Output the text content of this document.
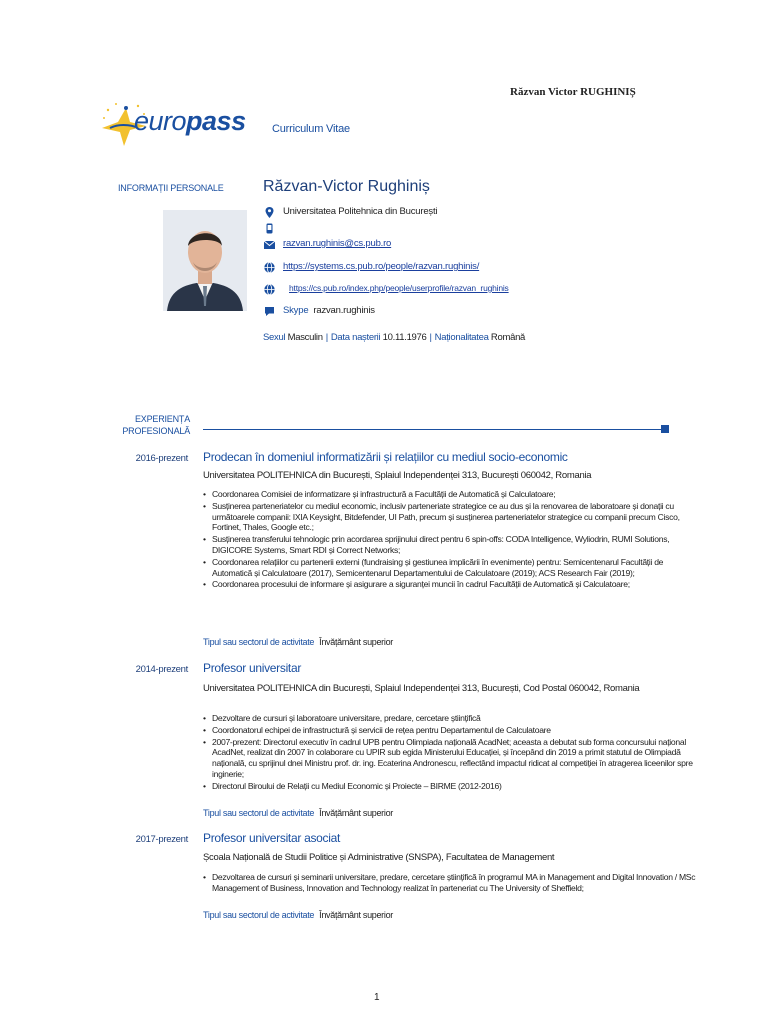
Răzvan Victor RUGHINIȘ
europass Curriculum Vitae
INFORMAȚII PERSONALE Răzvan-Victor Rughiniș
Universitatea Politehnica din București
razvan.rughinis@cs.pub.ro
https://systems.cs.pub.ro/people/razvan.rughinis/
https://cs.pub.ro/index.php/people/userprofile/razvan_rughinis
Skype razvan.rughinis
Sexul Masculin | Data nașterii 10.11.1976 | Naționalitatea Română
EXPERIENȚA
PROFESIONALĂ
2016-prezent Prodecan în domeniul informatizării și relațiilor cu mediul socio-economic
Universitatea POLITEHNICA din București, Splaiul Independenței 313, București 060042, Romania
• Coordonarea Comisiei de informatizare și infrastructură a Facultății de Automatică și Calculatoare;
• Susținerea parteneriatelor cu mediul economic, inclusiv parteneriate strategice ce au dus și la renovarea de laboratoare și donații cu următoarele companii: IXIA Keysight, Bitdefender, UI Path, precum și susținerea parteneriatelor strategice cu companii precum Cisco, Fortinet, Thales, Google etc.;
• Susținerea transferului tehnologic prin acordarea sprijinului direct pentru 6 spin-offs: CODA Intelligence, Wyliodrin, RUMI Solutions, DIGICORE Systems, Smart RDI și Correct Networks;
• Coordonarea relațiilor cu partenerii externi (fundraising și gestiunea implicării în evenimente) pentru: Semicentenarul Facultății de Automatică și Calculatoare (2017), Semicentenarul Departamentului de Calculatoare (2019); ACS Research Fair (2019);
• Coordonarea procesului de informare și asigurare a siguranței muncii în cadrul Facultății de Automatică și Calculatoare;
Tipul sau sectorul de activitate Învățământ superior
2014-prezent Profesor universitar
Universitatea POLITEHNICA din București, Splaiul Independenței 313, București, Cod Postal 060042, Romania
• Dezvoltare de cursuri și laboratoare universitare, predare, cercetare științifică
• Coordonatorul echipei de infrastructură și servicii de rețea pentru Departamentul de Calculatoare
• 2007-prezent: Directorul executiv în cadrul UPB pentru Olimpiada națională AcadNet; aceasta a debutat sub forma concursului național AcadNet, realizat din 2007 în colaborare cu UPIR sub egida Ministerului Educației, și începând din 2019 a primit statutul de Olimpiadă națională, cu sprijinul dnei Ministru prof. dr. ing. Ecaterina Andronescu, reflectând impactul ridicat al competiției în atragerea liceenilor spre inginerie;
• Directorul Biroului de Relații cu Mediul Economic și Proiecte – BIRME (2012-2016)
Tipul sau sectorul de activitate Învățământ superior
2017-prezent Profesor universitar asociat
Școala Națională de Studii Politice și Administrative (SNSPA), Facultatea de Management
• Dezvoltarea de cursuri și seminarii universitare, predare, cercetare științifică în programul MA in Management and Digital Innovation / MSc Management of Business, Innovation and Technology realizat în parteneriat cu The University of Sheffield;
Tipul sau sectorul de activitate Învățământ superior
1
